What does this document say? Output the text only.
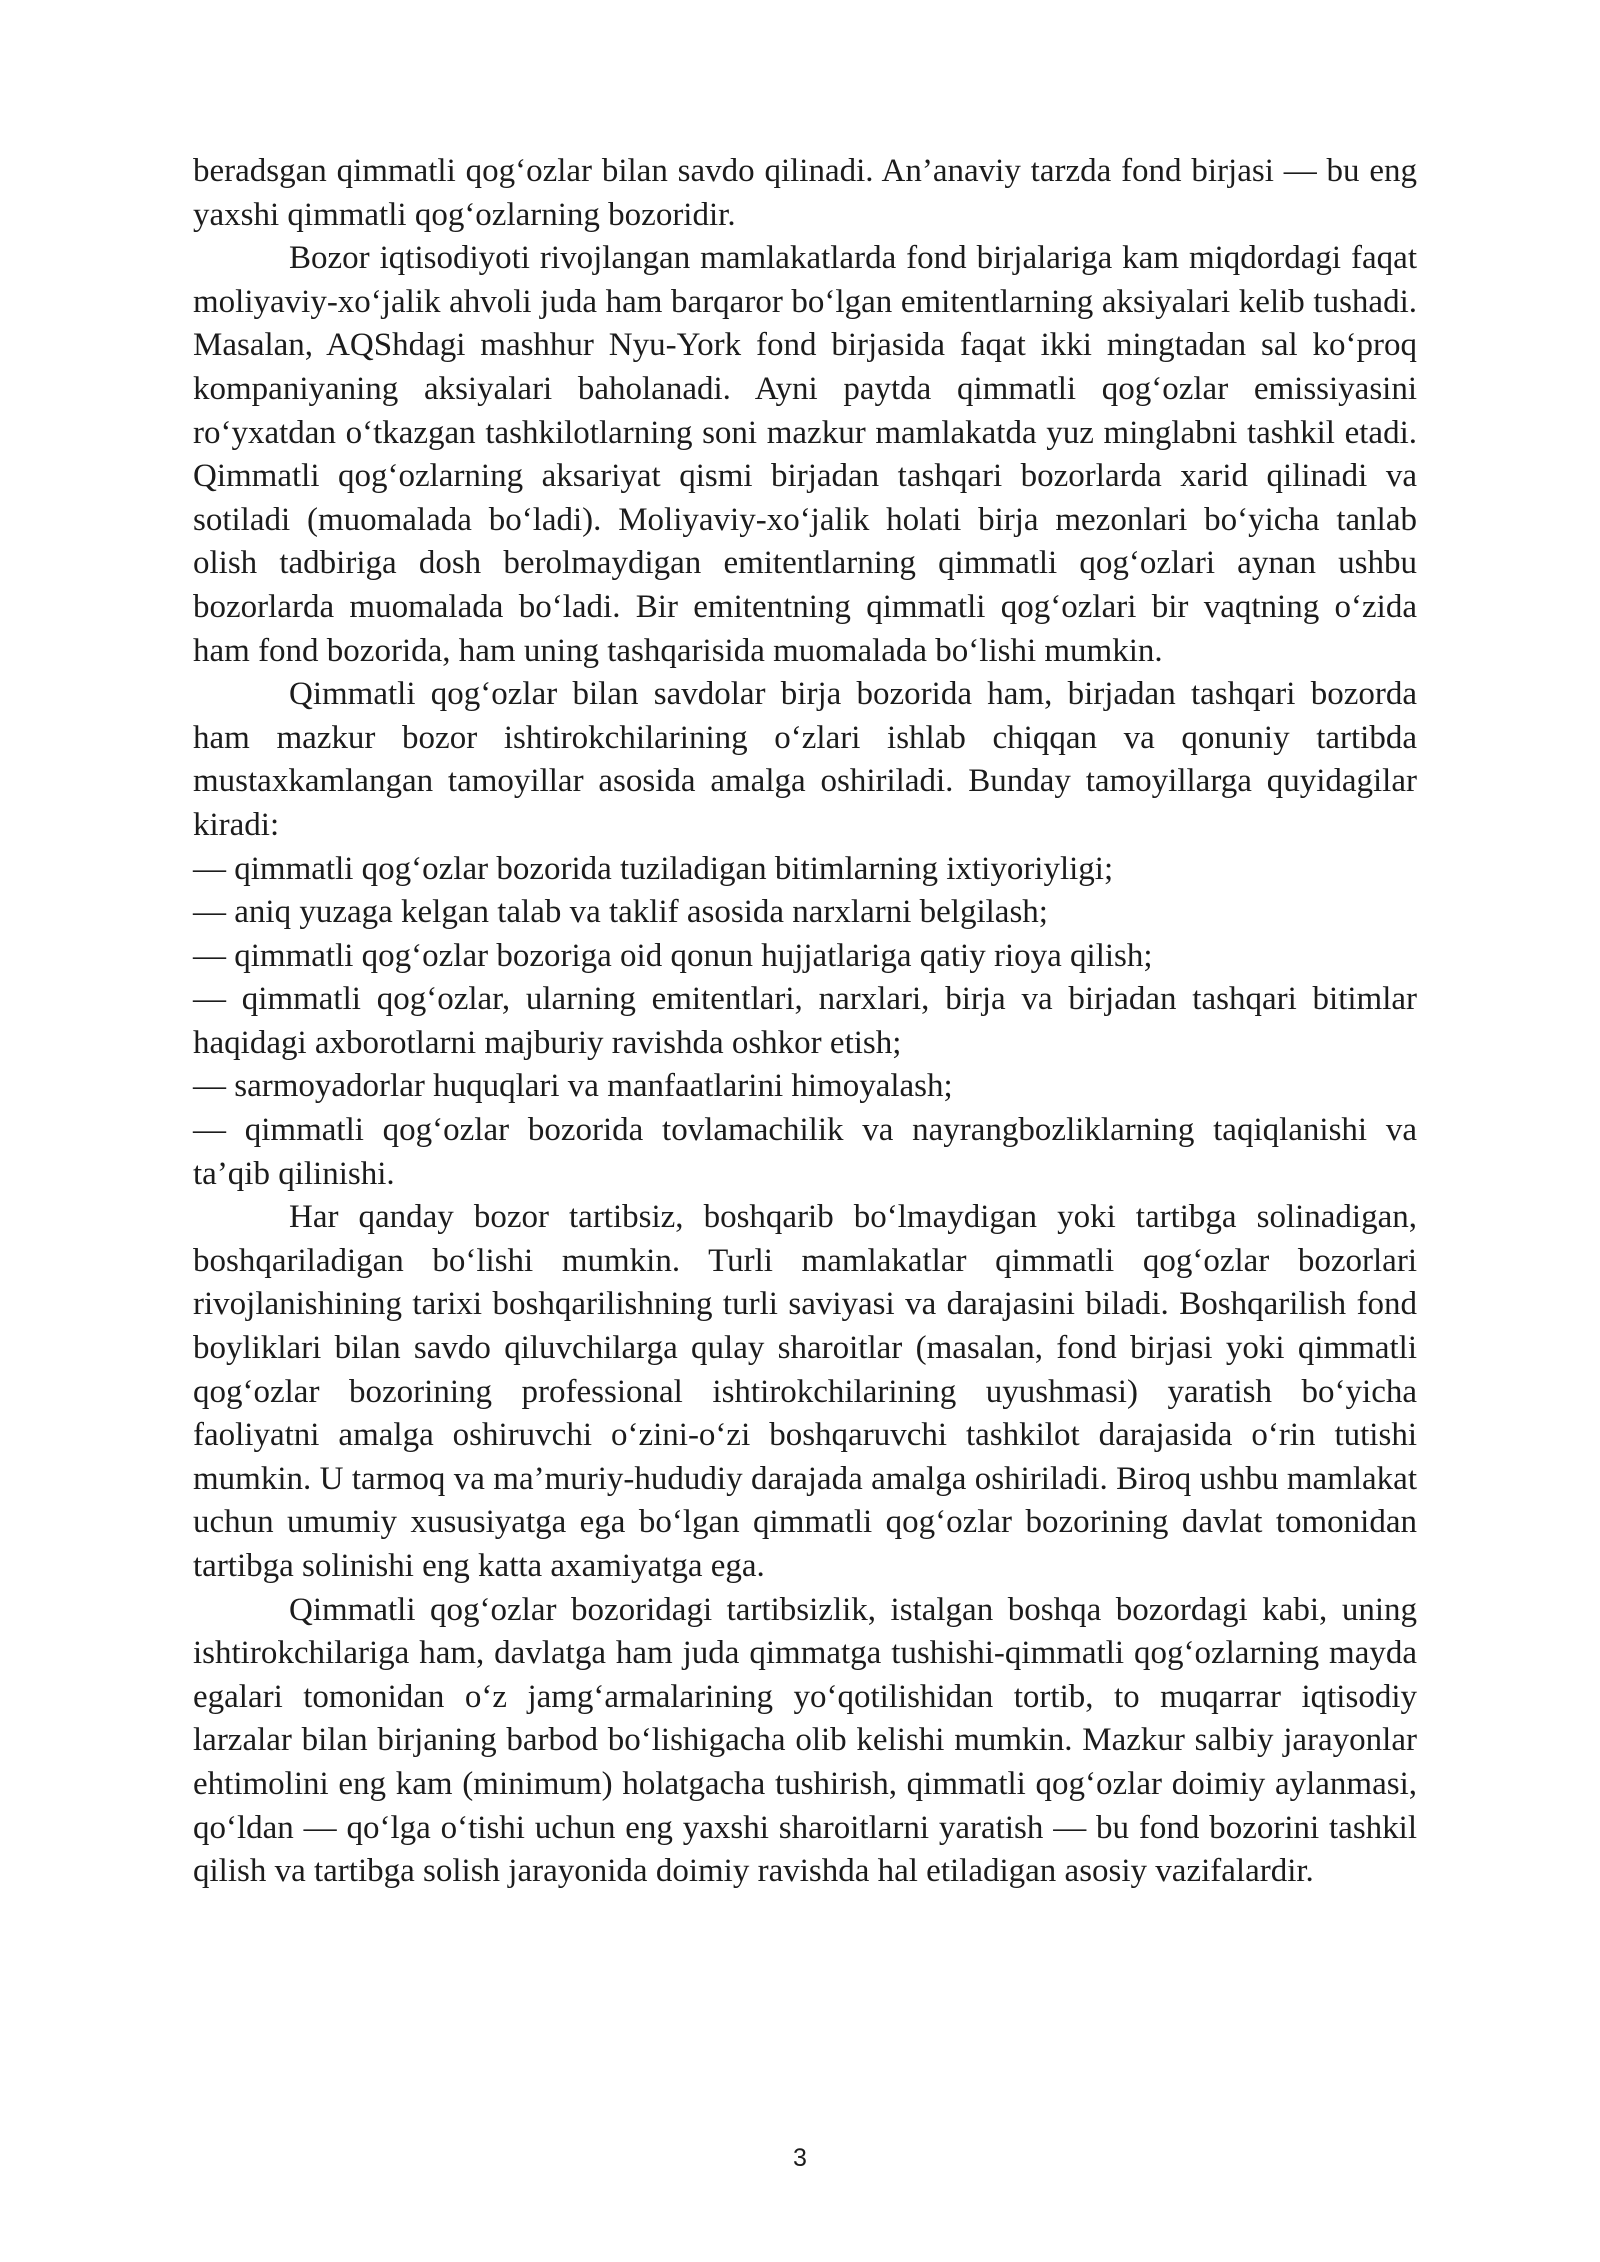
beradsgan qimmatli qog‘ozlar bilan savdo qilinadi. An’anaviy tarzda fond birjasi — bu eng yaxshi qimmatli qog‘ozlarning bozoridir.

Bozor iqtisodiyoti rivojlangan mamlakatlarda fond birjalariga kam miqdordagi faqat moliyaviy-xo‘jalik ahvoli juda ham barqaror bo‘lgan emitentlarning aksiyalari kelib tushadi. Masalan, AQShdagi mashhur Nyu-York fond birjasida faqat ikki mingtadan sal ko‘proq kompaniyaning aksiyalari baholanadi. Ayni paytda qimmatli qog‘ozlar emissiyasini ro‘yxatdan o‘tkazgan tashkilotlarning soni mazkur mamlakatda yuz minglabni tashkil etadi. Qimmatli qog‘ozlarning aksariyat qismi birjadan tashqari bozorlarda xarid qilinadi va sotiladi (muomalada bo‘ladi). Moliyaviy-xo‘jalik holati birja mezonlari bo‘yicha tanlab olish tadbiriga dosh berolmaydigan emitentlarning qimmatli qog‘ozlari aynan ushbu bozorlarda muomalada bo‘ladi. Bir emitentning qimmatli qog‘ozlari bir vaqtning o‘zida ham fond bozorida, ham uning tashqarisida muomalada bo‘lishi mumkin.

Qimmatli qog‘ozlar bilan savdolar birja bozorida ham, birjadan tashqari bozorda ham mazkur bozor ishtirokchilarining o‘zlari ishlab chiqqan va qonuniy tartibda mustaxkamlangan tamoyillar asosida amalga oshiriladi. Bunday tamoyillarga quyidagilar kiradi:

— qimmatli qog‘ozlar bozorida tuziladigan bitimlarning ixtiyoriyligi;

— aniq yuzaga kelgan talab va taklif asosida narxlarni belgilash;

— qimmatli qog‘ozlar bozoriga oid qonun hujjatlariga qatiy rioya qilish;

— qimmatli qog‘ozlar, ularning emitentlari, narxlari, birja va birjadan tashqari bitimlar haqidagi axborotlarni majburiy ravishda oshkor etish;

— sarmoyadorlar huquqlari va manfaatlarini himoyalash;

— qimmatli qog‘ozlar bozorida tovlamachilik va nayrangbozliklarning taqiqlanishi va ta’qib qilinishi.

Har qanday bozor tartibsiz, boshqarib bo‘lmaydigan yoki tartibga solinadigan, boshqariladigan bo‘lishi mumkin. Turli mamlakatlar qimmatli qog‘ozlar bozorlari rivojlanishining tarixi boshqarilishning turli saviyasi va darajasini biladi. Boshqarilish fond boyliklari bilan savdo qiluvchilarga qulay sharoitlar (masalan, fond birjasi yoki qimmatli qog‘ozlar bozorining professional ishtirokchilarining uyushmasi) yaratish bo‘yicha faoliyatni amalga oshiruvchi o‘zini-o‘zi boshqaruvchi tashkilot darajasida o‘rin tutishi mumkin. U tarmoq va ma’muriy-hududiy darajada amalga oshiriladi. Biroq ushbu mamlakat uchun umumiy xususiyatga ega bo‘lgan qimmatli qog‘ozlar bozorining davlat tomonidan tartibga solinishi eng katta axamiyatga ega.

Qimmatli qog‘ozlar bozoridagi tartibsizlik, istalgan boshqa bozordagi kabi, uning ishtirokchilariga ham, davlatga ham juda qimmatga tushishi-qimmatli qog‘ozlarning mayda egalari tomonidan o‘z jamg‘armalarining yo‘qotilishidan tortib, to muqarrar iqtisodiy larzalar bilan birjaning barbod bo‘lishigacha olib kelishi mumkin. Mazkur salbiy jarayonlar ehtimolini eng kam (minimum) holatgacha tushirish, qimmatli qog‘ozlar doimiy aylanmasi, qo‘ldan — qo‘lga o‘tishi uchun eng yaxshi sharoitlarni yaratish — bu fond bozorini tashkil qilish va tartibga solish jarayonida doimiy ravishda hal etiladigan asosiy vazifalardir.

3
